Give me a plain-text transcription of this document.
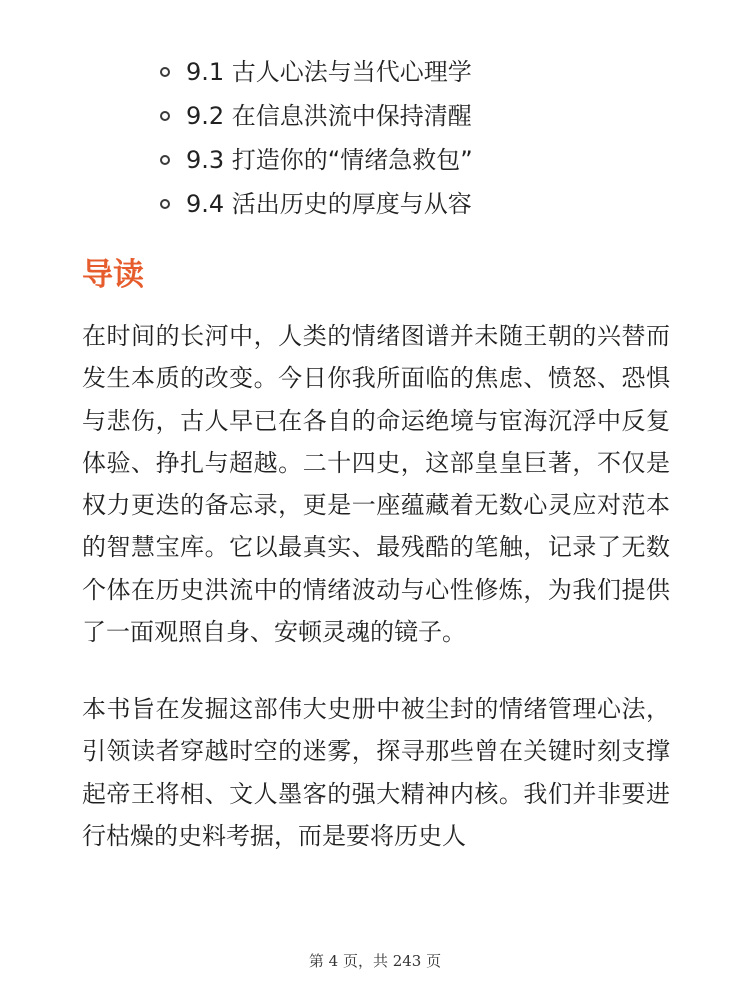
9.1 古人心法与当代心理学
9.2 在信息洪流中保持清醒
9.3 打造你的“情绪急救包”
9.4 活出历史的厚度与从容
导读

在时间的长河中，人类的情绪图谱并未随王朝的兴替而发生本质的改变。今日你我所面临的焦虑、愤怒、恐惧与悲伤，古人早已在各自的命运绝境与宦海沉浮中反复体验、挣扎与超越。二十四史，这部皇皇巨著，不仅是权力更迭的备忘录，更是一座蕴藏着无数心灵应对范本的智慧宝库。它以最真实、最残酷的笔触，记录了无数个体在历史洪流中的情绪波动与心性修炼，为我们提供了一面观照自身、安顿灵魂的镜子。

本书旨在发掘这部伟大史册中被尘封的情绪管理心法，引领读者穿越时空的迷雾，探寻那些曾在关键时刻支撑起帝王将相、文人墨客的强大精神内核。我们并非要进行枯燥的史料考据，而是要将历史人

第 4 页，共 243 页
